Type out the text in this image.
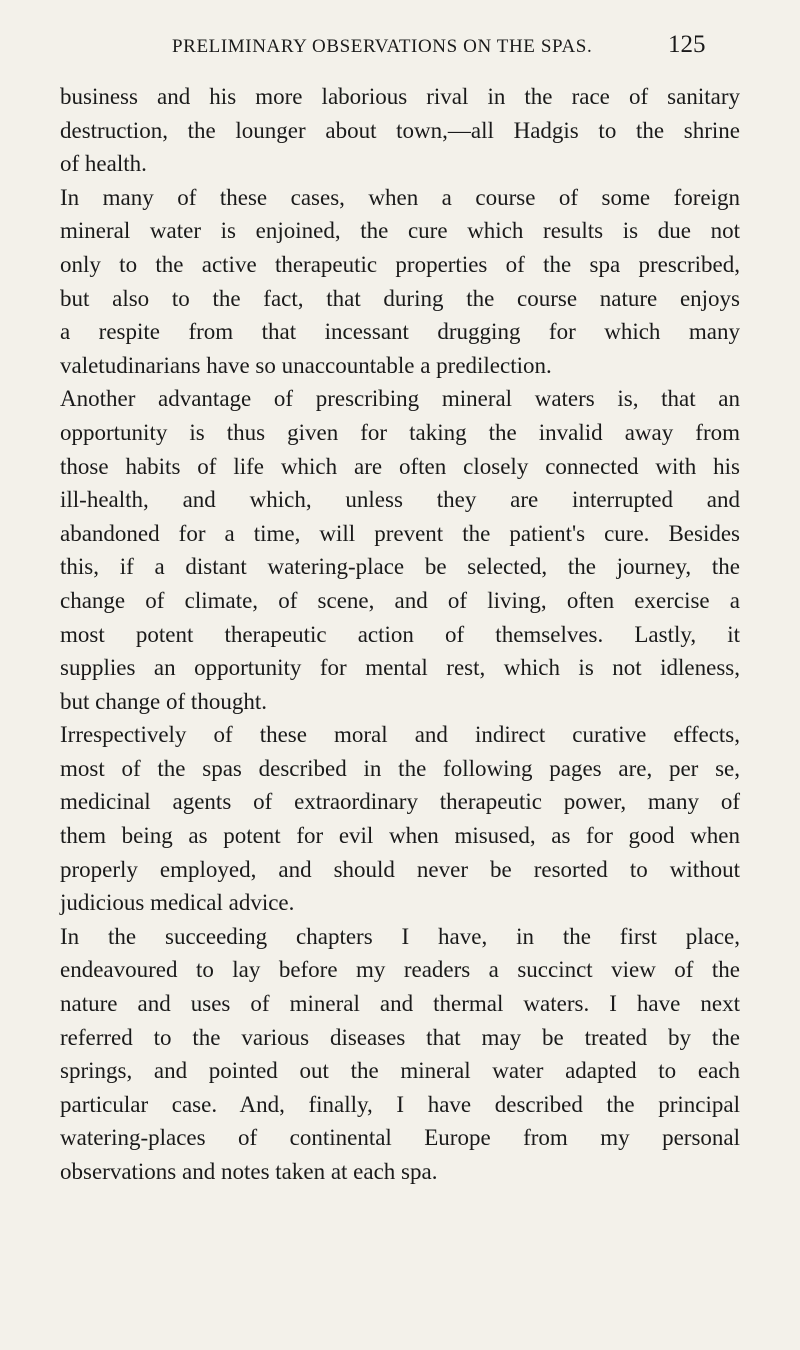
PRELIMINARY OBSERVATIONS ON THE SPAS.	125
business and his more laborious rival in the race of sanitary
destruction, the lounger about town,—all Hadgis to the shrine
of health.
In many of these cases, when a course of some foreign
mineral water is enjoined, the cure which results is due not
only to the active therapeutic properties of the spa prescribed,
but also to the fact, that during the course nature enjoys
a respite from that incessant drugging for which many
valetudinarians have so unaccountable a predilection.
Another advantage of prescribing mineral waters is, that an
opportunity is thus given for taking the invalid away from
those habits of life which are often closely connected with his
ill-health, and which, unless they are interrupted and
abandoned for a time, will prevent the patient's cure. Besides
this, if a distant watering-place be selected, the journey, the
change of climate, of scene, and of living, often exercise a
most potent therapeutic action of themselves. Lastly, it
supplies an opportunity for mental rest, which is not idleness,
but change of thought.
Irrespectively of these moral and indirect curative effects,
most of the spas described in the following pages are, per se,
medicinal agents of extraordinary therapeutic power, many of
them being as potent for evil when misused, as for good when
properly employed, and should never be resorted to without
judicious medical advice.
In the succeeding chapters I have, in the first place,
endeavoured to lay before my readers a succinct view of the
nature and uses of mineral and thermal waters. I have next
referred to the various diseases that may be treated by the
springs, and pointed out the mineral water adapted to each
particular case. And, finally, I have described the principal
watering-places of continental Europe from my personal
observations and notes taken at each spa.
